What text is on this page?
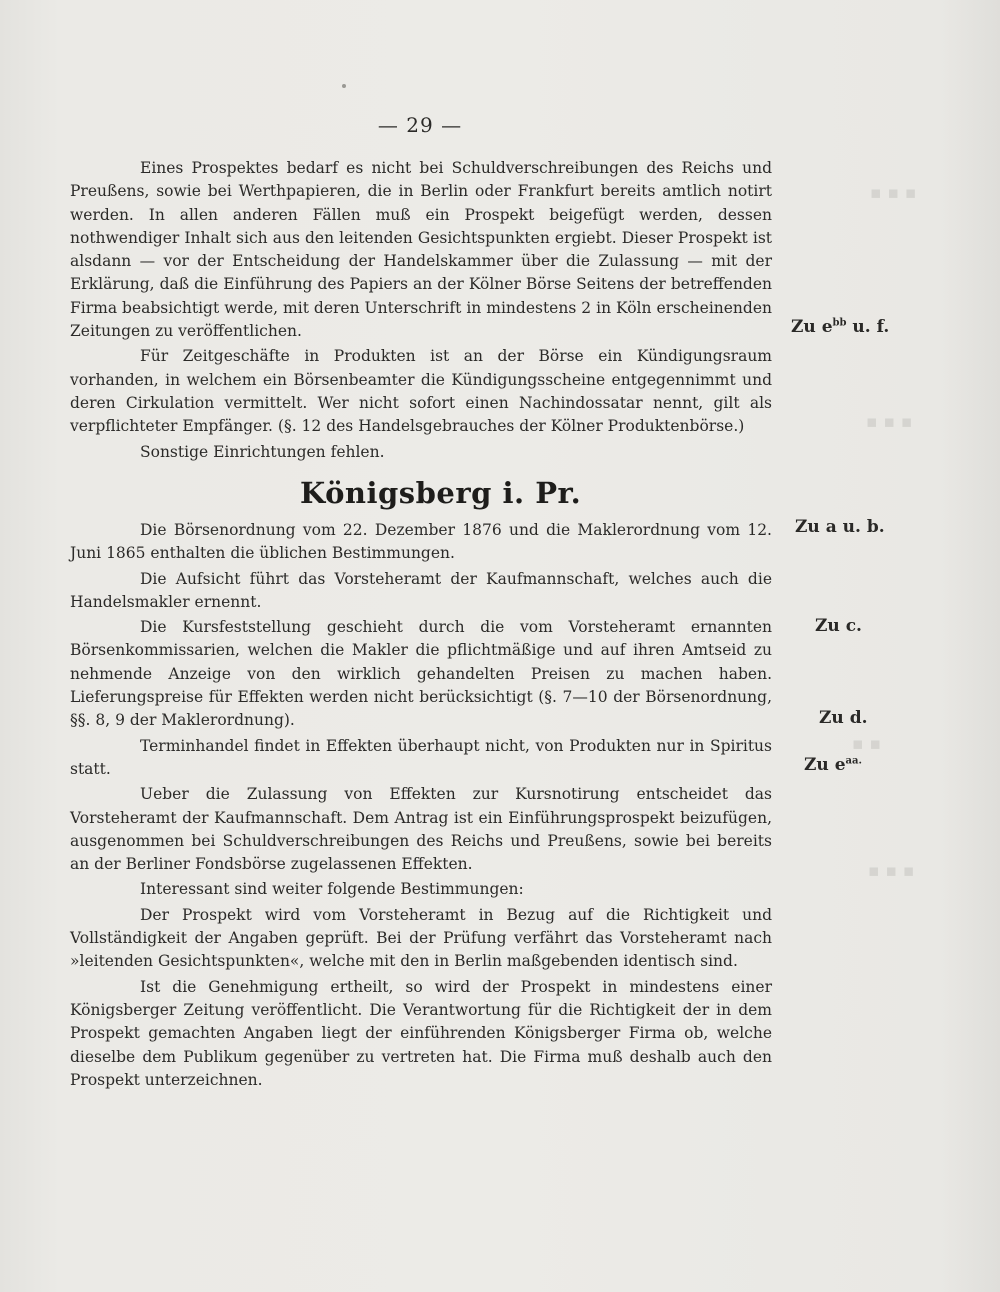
— 29 —

Eines Prospektes bedarf es nicht bei Schuldverschreibungen des Reichs und Preußens, sowie bei Werthpapieren, die in Berlin oder Frankfurt bereits amtlich notirt werden. In allen anderen Fällen muß ein Prospekt beigefügt werden, dessen nothwendiger Inhalt sich aus den leitenden Gesichtspunkten ergiebt. Dieser Prospekt ist alsdann — vor der Entscheidung der Handelskammer über die Zulassung — mit der Erklärung, daß die Einführung des Papiers an der Kölner Börse Seitens der betreffenden Firma beabsichtigt werde, mit deren Unterschrift in mindestens 2 in Köln erscheinenden Zeitungen zu veröffentlichen.

Für Zeitgeschäfte in Produkten ist an der Börse ein Kündigungsraum vorhanden, in welchem ein Börsenbeamter die Kündigungsscheine entgegennimmt und deren Cirkulation vermittelt. Wer nicht sofort einen Nachindossatar nennt, gilt als verpflichteter Empfänger. (§. 12 des Handelsgebrauches der Kölner Produktenbörse.)

Sonstige Einrichtungen fehlen.

Königsberg i. Pr.

Die Börsenordnung vom 22. Dezember 1876 und die Maklerordnung vom 12. Juni 1865 enthalten die üblichen Bestimmungen.

Die Aufsicht führt das Vorsteheramt der Kaufmannschaft, welches auch die Handelsmakler ernennt.

Die Kursfeststellung geschieht durch die vom Vorsteheramt ernannten Börsenkommissarien, welchen die Makler die pflichtmäßige und auf ihren Amtseid zu nehmende Anzeige von den wirklich gehandelten Preisen zu machen haben. Lieferungspreise für Effekten werden nicht berücksichtigt (§. 7—10 der Börsenordnung, §§. 8, 9 der Maklerordnung).

Terminhandel findet in Effekten überhaupt nicht, von Produkten nur in Spiritus statt.

Ueber die Zulassung von Effekten zur Kursnotirung entscheidet das Vorsteheramt der Kaufmannschaft. Dem Antrag ist ein Einführungsprospekt beizufügen, ausgenommen bei Schuldverschreibungen des Reichs und Preußens, sowie bei bereits an der Berliner Fondsbörse zugelassenen Effekten.

Interessant sind weiter folgende Bestimmungen:

Der Prospekt wird vom Vorsteheramt in Bezug auf die Richtigkeit und Vollständigkeit der Angaben geprüft. Bei der Prüfung verfährt das Vorsteheramt nach »leitenden Gesichtspunkten«, welche mit den in Berlin maßgebenden identisch sind.

Ist die Genehmigung ertheilt, so wird der Prospekt in mindestens einer Königsberger Zeitung veröffentlicht. Die Verantwortung für die Richtigkeit der in dem Prospekt gemachten Angaben liegt der einführenden Königsberger Firma ob, welche dieselbe dem Publikum gegenüber zu vertreten hat. Die Firma muß deshalb auch den Prospekt unterzeichnen.

Zu $e^{bb}$ u. f.
Zu a u. b.
Zu c.
Zu d.
Zu $e^{aa.}$
▪ ▪ ▪
▪ ▪ ▪
▪ ▪
▪ ▪ ▪
